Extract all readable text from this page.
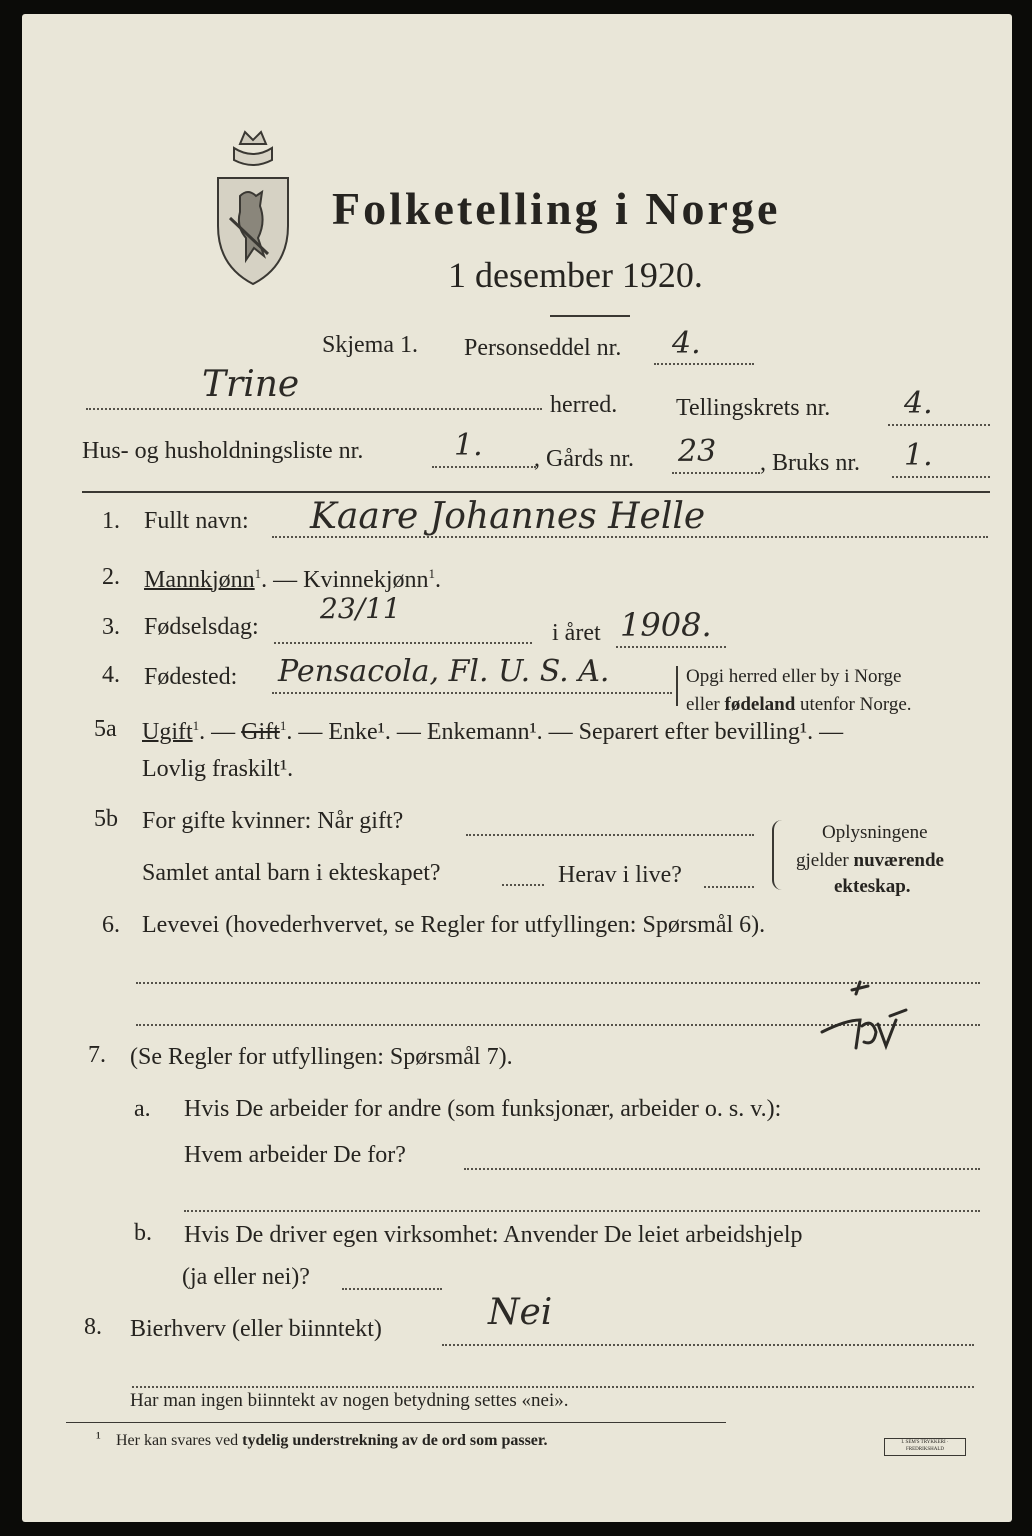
Folketelling i Norge
1 desember 1920.
Skjema 1. Personseddel nr. 4.
Trine	herred. Tellingskrets nr. 4.
Hus- og husholdningsliste nr.	1. , Gårds nr. 23 , Bruks nr. 1.
1. Fullt navn: Kaare Johannes Helle
2. Mannkjønn$^1$. — Kvinnekjønn$^1$.
3. Fødselsdag:
23/11
i året 1908.
4. Fødested: Pensacola, Fl. U. S. A.	Opgi herred eller by i Norge
eller fødeland utenfor Norge.
5a Ugift$^1$. — Gift$^1$. — Enke¹. — Enkemann¹. — Separert efter bevilling¹. —
Lovlig fraskilt¹.
5b For gifte kvinner: Når gift?
Samlet antal barn i ekteskapet?	Herav i live?
Oplysningene
gjelder nuværende
ekteskap.
6. Levevei (hovederhvervet, se Regler for utfyllingen: Spørsmål 6).
7. (Se Regler for utfyllingen: Spørsmål 7).
a. Hvis De arbeider for andre (som funksjonær, arbeider o. s. v.):
Hvem arbeider De for?
b. Hvis De driver egen virksomhet: Anvender De leiet arbeidshjelp
(ja eller nei)?
8. Bierhverv (eller biinntekt)	Nei
Har man ingen biinntekt av nogen betydning settes «nei».
¹ Her kan svares ved tydelig understrekning av de ord som passer.	I. SEM'S TRYKKERI · FREDRIKSHALD
